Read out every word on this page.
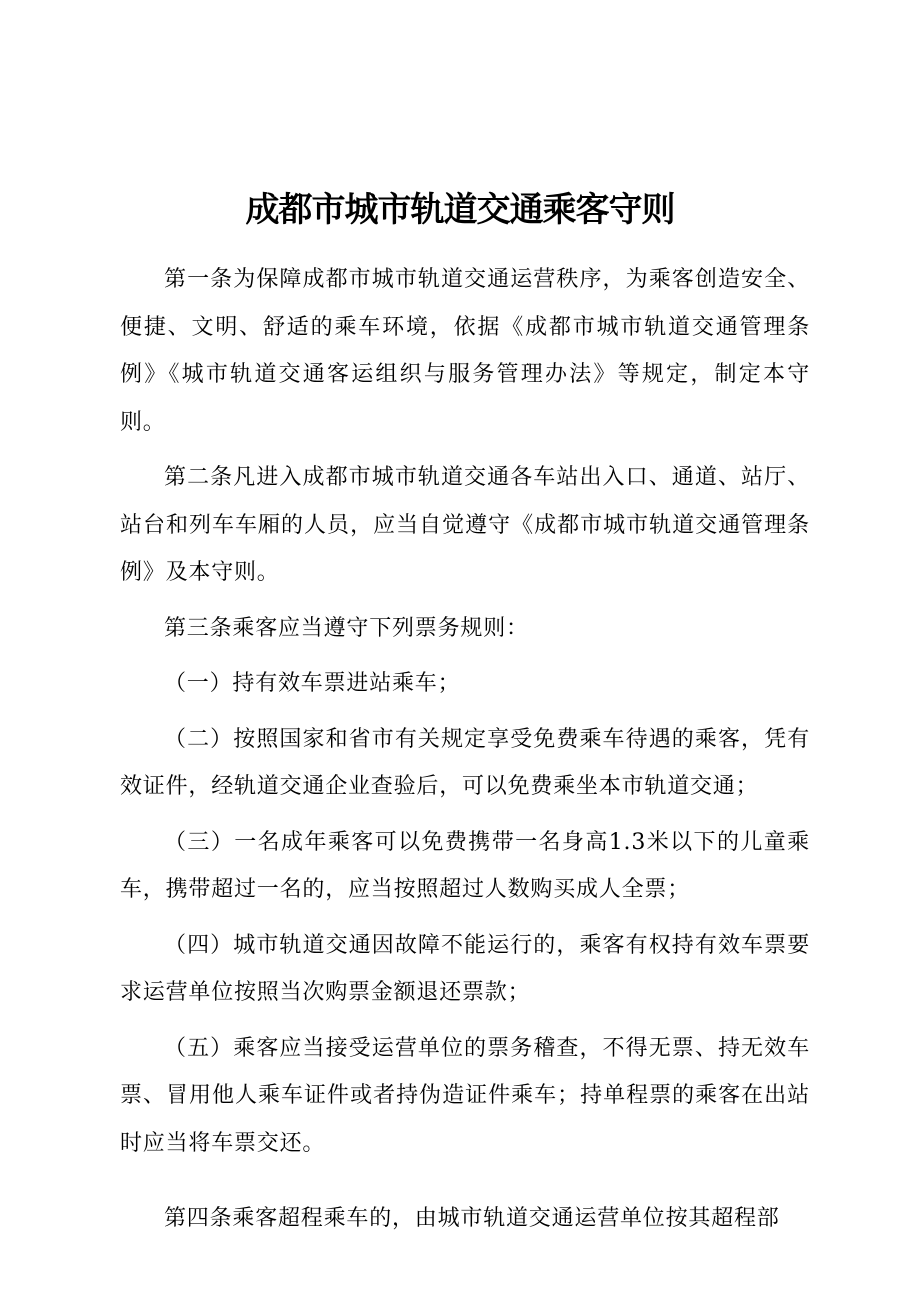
成都市城市轨道交通乘客守则

第一条为保障成都市城市轨道交通运营秩序，为乘客创造安全、便捷、文明、舒适的乘车环境，依据《成都市城市轨道交通管理条例》《城市轨道交通客运组织与服务管理办法》等规定，制定本守则。

第二条凡进入成都市城市轨道交通各车站出入口、通道、站厅、站台和列车车厢的人员，应当自觉遵守《成都市城市轨道交通管理条例》及本守则。

第三条乘客应当遵守下列票务规则：

（一）持有效车票进站乘车；

（二）按照国家和省市有关规定享受免费乘车待遇的乘客，凭有效证件，经轨道交通企业查验后，可以免费乘坐本市轨道交通；

（三）一名成年乘客可以免费携带一名身高1.3米以下的儿童乘车，携带超过一名的，应当按照超过人数购买成人全票；

（四）城市轨道交通因故障不能运行的，乘客有权持有效车票要求运营单位按照当次购票金额退还票款；

（五）乘客应当接受运营单位的票务稽查，不得无票、持无效车票、冒用他人乘车证件或者持伪造证件乘车；持单程票的乘客在出站时应当将车票交还。

第四条乘客超程乘车的，由城市轨道交通运营单位按其超程部
